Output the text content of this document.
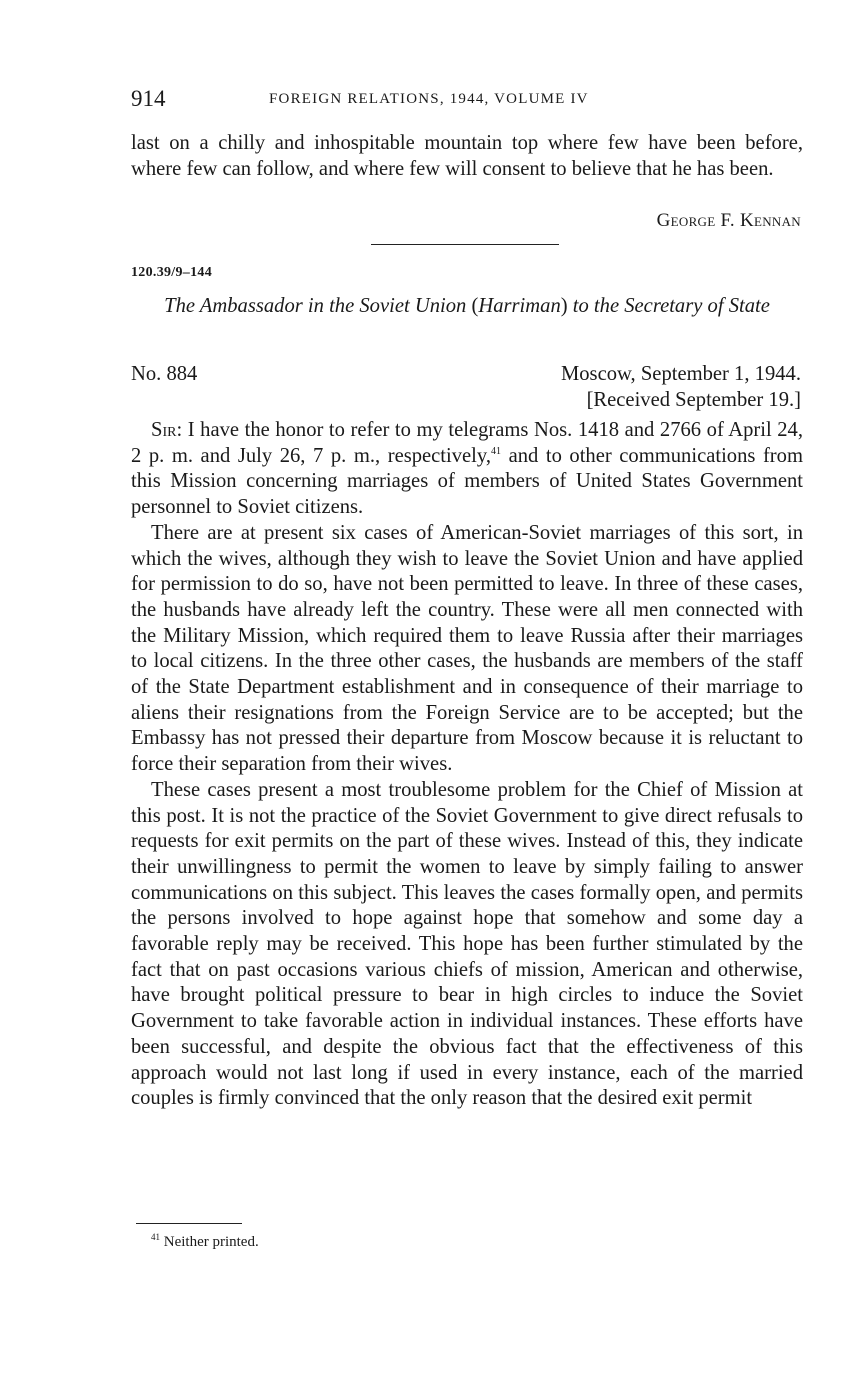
914	FOREIGN RELATIONS, 1944, VOLUME IV

last on a chilly and inhospitable mountain top where few have been before, where few can follow, and where few will consent to believe that he has been.

George F. Kennan
120.39/9–144

The Ambassador in the Soviet Union (Harriman) to the Secretary of State

No. 884	Moscow, September 1, 1944.
[Received September 19.]

Sir: I have the honor to refer to my telegrams Nos. 1418 and 2766 of April 24, 2 p. m. and July 26, 7 p. m., respectively,$^{41}$ and to other communications from this Mission concerning marriages of members of United States Government personnel to Soviet citizens.

There are at present six cases of American-Soviet marriages of this sort, in which the wives, although they wish to leave the Soviet Union and have applied for permission to do so, have not been permitted to leave. In three of these cases, the husbands have already left the country. These were all men connected with the Military Mission, which required them to leave Russia after their marriages to local citizens. In the three other cases, the husbands are members of the staff of the State Department establishment and in consequence of their marriage to aliens their resignations from the Foreign Service are to be accepted; but the Embassy has not pressed their departure from Moscow because it is reluctant to force their separation from their wives.

These cases present a most troublesome problem for the Chief of Mission at this post. It is not the practice of the Soviet Government to give direct refusals to requests for exit permits on the part of these wives. Instead of this, they indicate their unwillingness to permit the women to leave by simply failing to answer communications on this subject. This leaves the cases formally open, and permits the persons involved to hope against hope that somehow and some day a favorable reply may be received. This hope has been further stimulated by the fact that on past occasions various chiefs of mission, American and otherwise, have brought political pressure to bear in high circles to induce the Soviet Government to take favorable action in individual instances. These efforts have been successful, and despite the obvious fact that the effectiveness of this approach would not last long if used in every instance, each of the married couples is firmly convinced that the only reason that the desired exit permit

$^{41}$ Neither printed.
